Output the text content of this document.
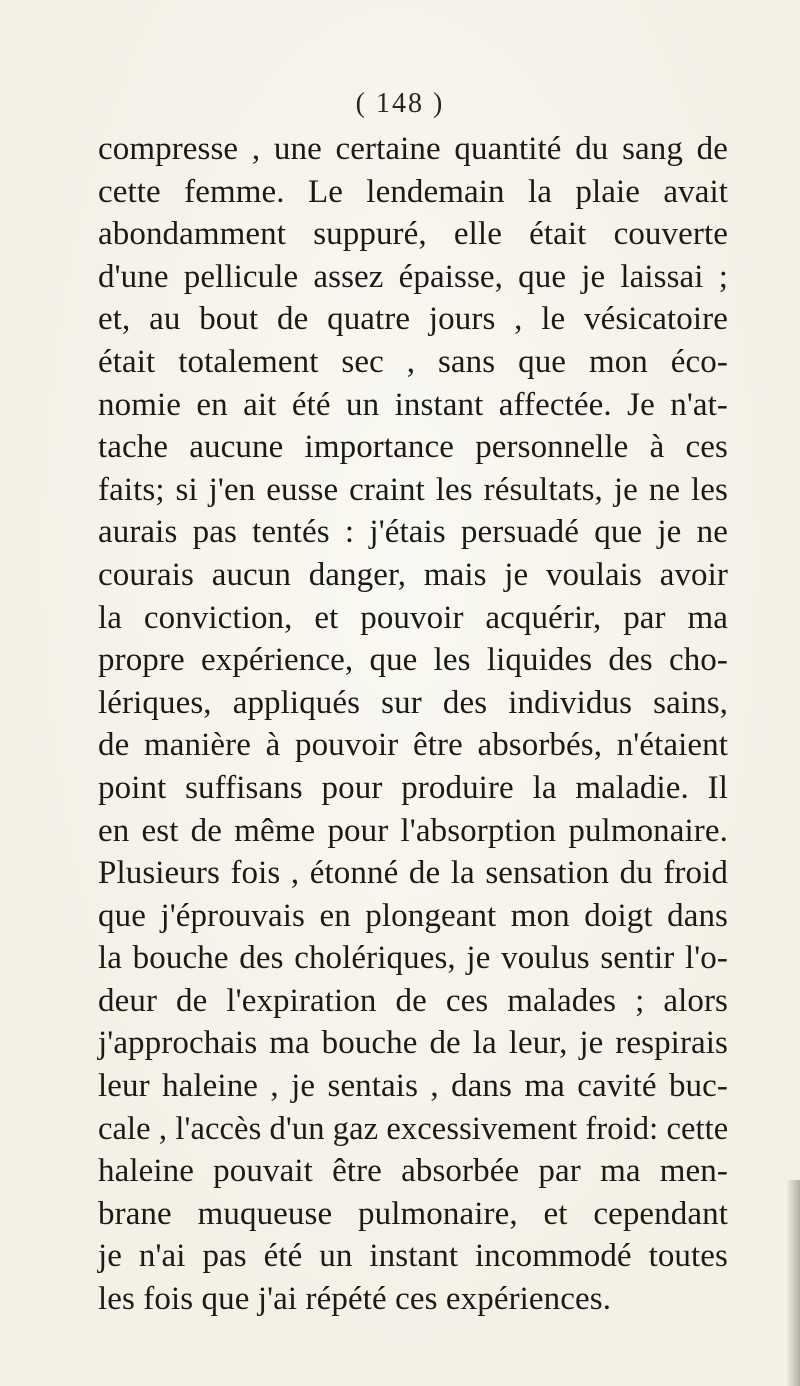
( 148 )
compresse , une certaine quantité du sang de
cette femme. Le lendemain la plaie avait
abondamment suppuré, elle était couverte
d'une pellicule assez épaisse, que je laissai ;
et, au bout de quatre jours , le vésicatoire
était totalement sec , sans que mon éco-
nomie en ait été un instant affectée. Je n'at-
tache aucune importance personnelle à ces
faits; si j'en eusse craint les résultats, je ne les
aurais pas tentés : j'étais persuadé que je ne
courais aucun danger, mais je voulais avoir
la conviction, et pouvoir acquérir, par ma
propre expérience, que les liquides des cho-
lériques, appliqués sur des individus sains,
de manière à pouvoir être absorbés, n'étaient
point suffisans pour produire la maladie. Il
en est de même pour l'absorption pulmonaire.
Plusieurs fois , étonné de la sensation du froid
que j'éprouvais en plongeant mon doigt dans
la bouche des cholériques, je voulus sentir l'o-
deur de l'expiration de ces malades ; alors
j'approchais ma bouche de la leur, je respirais
leur haleine , je sentais , dans ma cavité buc-
cale , l'accès d'un gaz excessivement froid: cette
haleine pouvait être absorbée par ma men-
brane muqueuse pulmonaire, et cependant
je n'ai pas été un instant incommodé toutes
les fois que j'ai répété ces expériences.
